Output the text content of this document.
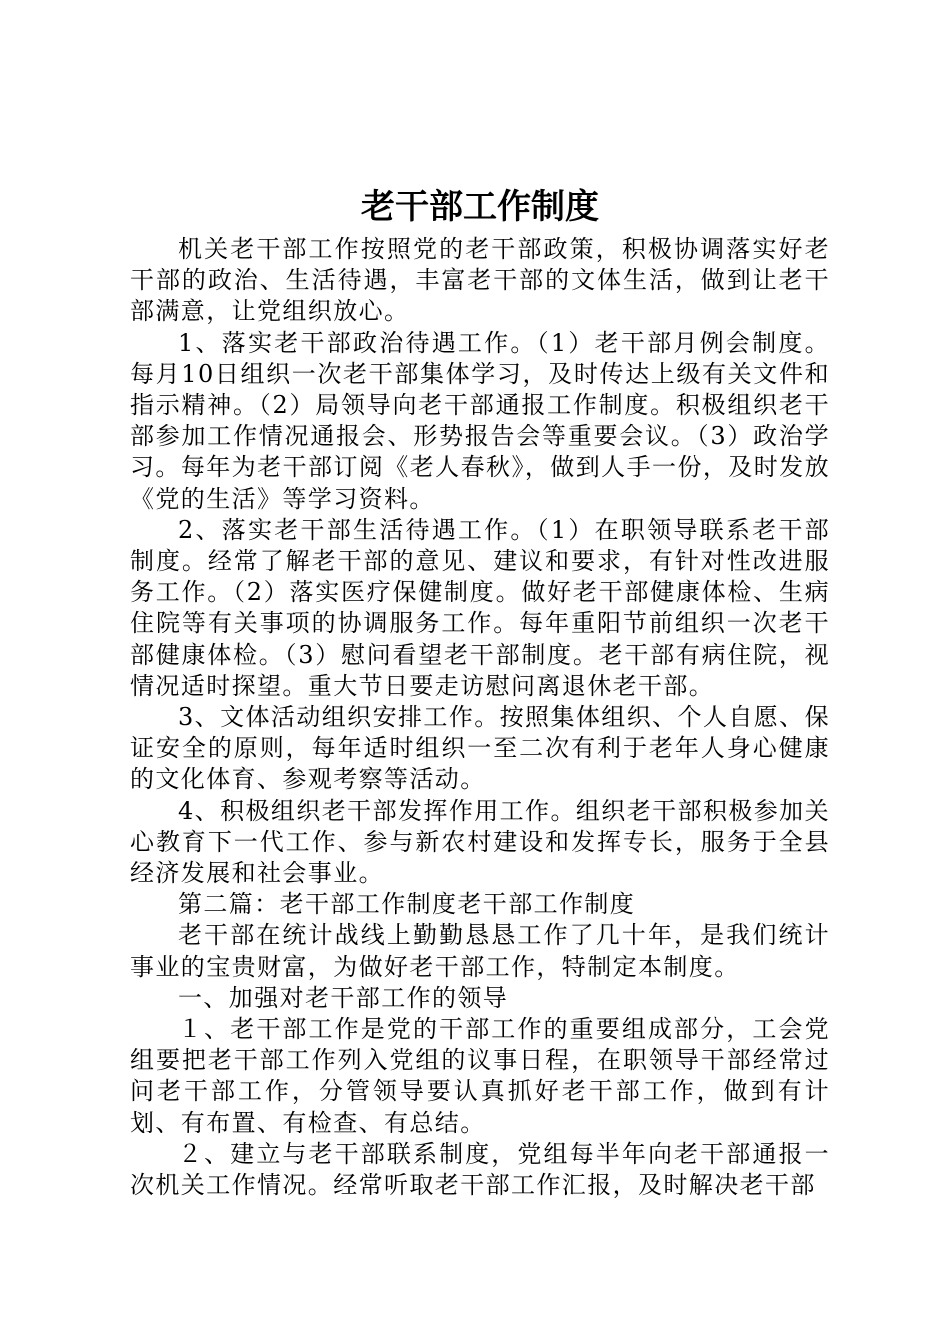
老干部工作制度

机关老干部工作按照党的老干部政策，积极协调落实好老干部的政治、生活待遇，丰富老干部的文体生活，做到让老干部满意，让党组织放心。

1、落实老干部政治待遇工作。（1）老干部月例会制度。每月10日组织一次老干部集体学习，及时传达上级有关文件和指示精神。（2）局领导向老干部通报工作制度。积极组织老干部参加工作情况通报会、形势报告会等重要会议。（3）政治学习。每年为老干部订阅《老人春秋》，做到人手一份，及时发放《党的生活》等学习资料。

2、落实老干部生活待遇工作。（1）在职领导联系老干部制度。经常了解老干部的意见、建议和要求，有针对性改进服务工作。（2）落实医疗保健制度。做好老干部健康体检、生病住院等有关事项的协调服务工作。每年重阳节前组织一次老干部健康体检。（3）慰问看望老干部制度。老干部有病住院，视情况适时探望。重大节日要走访慰问离退休老干部。

3、文体活动组织安排工作。按照集体组织、个人自愿、保证安全的原则，每年适时组织一至二次有利于老年人身心健康的文化体育、参观考察等活动。

4、积极组织老干部发挥作用工作。组织老干部积极参加关心教育下一代工作、参与新农村建设和发挥专长，服务于全县经济发展和社会事业。

第二篇：老干部工作制度老干部工作制度

老干部在统计战线上勤勤恳恳工作了几十年，是我们统计事业的宝贵财富，为做好老干部工作，特制定本制度。

一、加强对老干部工作的领导

１、老干部工作是党的干部工作的重要组成部分，工会党组要把老干部工作列入党组的议事日程，在职领导干部经常过问老干部工作，分管领导要认真抓好老干部工作，做到有计划、有布置、有检查、有总结。

２、建立与老干部联系制度，党组每半年向老干部通报一次机关工作情况。经常听取老干部工作汇报，及时解决老干部
